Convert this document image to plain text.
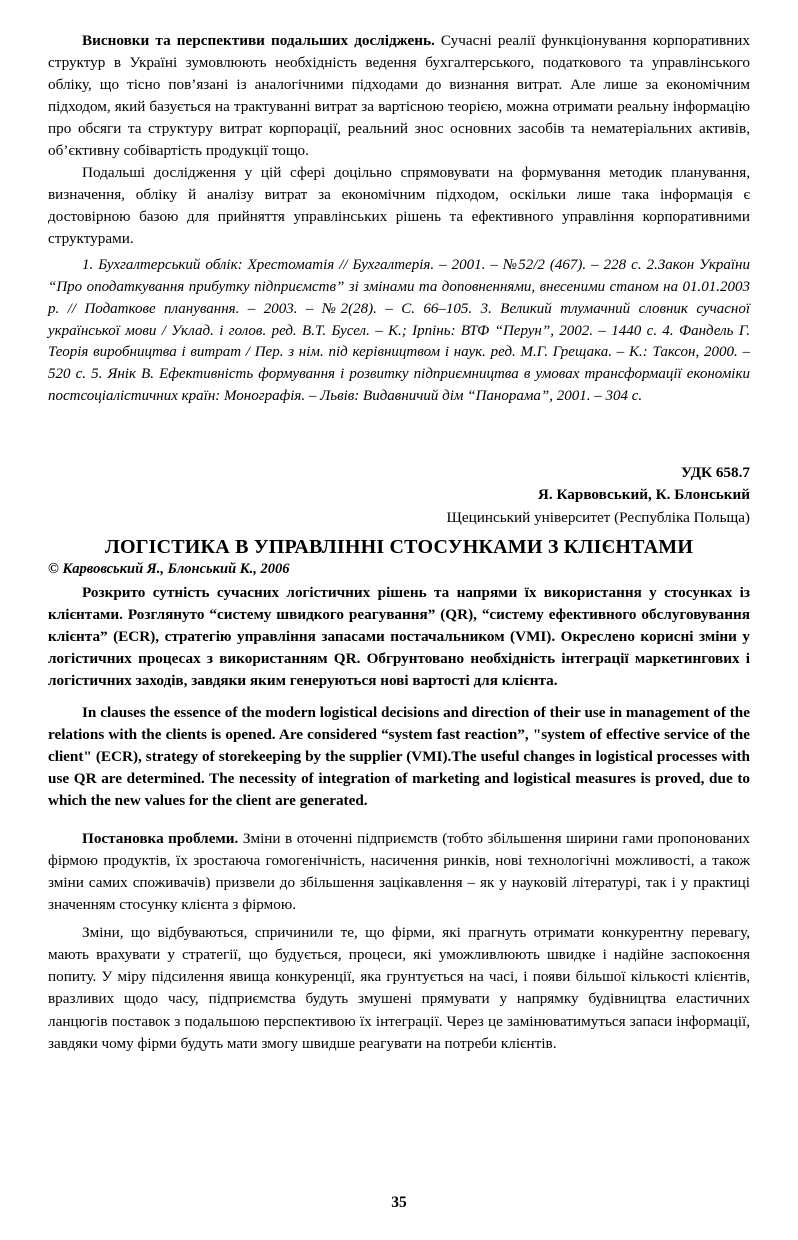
Висновки та перспективи подальших досліджень. Сучасні реалії функціонування корпоративних структур в Україні зумовлюють необхідність ведення бухгалтерського, податкового та управлінського обліку, що тісно пов’язані із аналогічними підходами до визнання витрат. Але лише за економічним підходом, який базується на трактуванні витрат за вартісною теорією, можна отримати реальну інформацію про обсяги та структуру витрат корпорації, реальний знос основних засобів та нематеріальних активів, об’єктивну собівартість продукції тощо.

Подальші дослідження у цій сфері доцільно спрямовувати на формування методик планування, визначення, обліку й аналізу витрат за економічним підходом, оскільки лише така інформація є достовірною базою для прийняття управлінських рішень та ефективного управління корпоративними структурами.

1. Бухгалтерський облік: Хрестоматія // Бухгалтерія. – 2001. – №52/2 (467). – 228 с. 2.Закон України “Про оподаткування прибутку підприємств” зі змінами та доповненнями, внесеними станом на 01.01.2003 р. // Податкове планування. – 2003. – №2(28). – С. 66–105. 3. Великий тлумачний словник сучасної української мови / Уклад. і голов. ред. В.Т. Бусел. – К.; Ірпінь: ВТФ “Перун”, 2002. – 1440 с. 4. Фандель Г. Теорія виробництва і витрат / Пер. з нім. під керівництвом і наук. ред. М.Г. Грещака. – К.: Таксон, 2000. – 520 с. 5. Янік В. Ефективність формування і розвитку підприємництва в умовах трансформації економіки постсоціалістичних країн: Монографія. – Львів: Видавничий дім “Панорама”, 2001. – 304 с.

УДК 658.7
Я. Карвовський, К. Блонський
Щецинський університет (Республіка Польща)
ЛОГІСТИКА В УПРАВЛІННІ СТОСУНКАМИ З КЛІЄНТАМИ
© Карвовський Я., Блонський К., 2006

Розкрито сутність сучасних логістичних рішень та напрями їх використання у стосунках із клієнтами. Розглянуто “систему швидкого реагування” (QR), “систему ефективного обслуговування клієнта” (ECR), стратегію управління запасами постачальником (VMI). Окреслено корисні зміни у логістичних процесах з використанням QR. Обгрунтовано необхідність інтеграції маркетингових і логістичних заходів, завдяки яким генеруються нові вартості для клієнта.

In clauses the essence of the modern logistical decisions and direction of their use in management of the relations with the clients is opened. Are considered “system fast reaction”, "system of effective service of the client" (ECR), strategy of storekeeping by the supplier (VMI).The useful changes in logistical processes with use QR are determined. The necessity of integration of marketing and logistical measures is proved, due to which the new values for the client are generated.

Постановка проблеми. Зміни в оточенні підприємств (тобто збільшення ширини гами пропонованих фірмою продуктів, їх зростаюча гомогенічність, насичення ринків, нові технологічні можливості, а також зміни самих споживачів) призвели до збільшення зацікавлення – як у науковій літературі, так і у практиці значенням стосунку клієнта з фірмою.

Зміни, що відбуваються, спричинили те, що фірми, які прагнуть отримати конкурентну перевагу, мають врахувати у стратегії, що будується, процеси, які уможливлюють швидке і надійне заспокоєння попиту. У міру підсилення явища конкуренції, яка грунтується на часі, і появи більшої кількості клієнтів, вразливих щодо часу, підприємства будуть змушені прямувати у напрямку будівництва еластичних ланцюгів поставок з подальшою перспективою їх інтеграції. Через це замінюватимуться запаси інформації, завдяки чому фірми будуть мати змогу швидше реагувати на потреби клієнтів.

35
